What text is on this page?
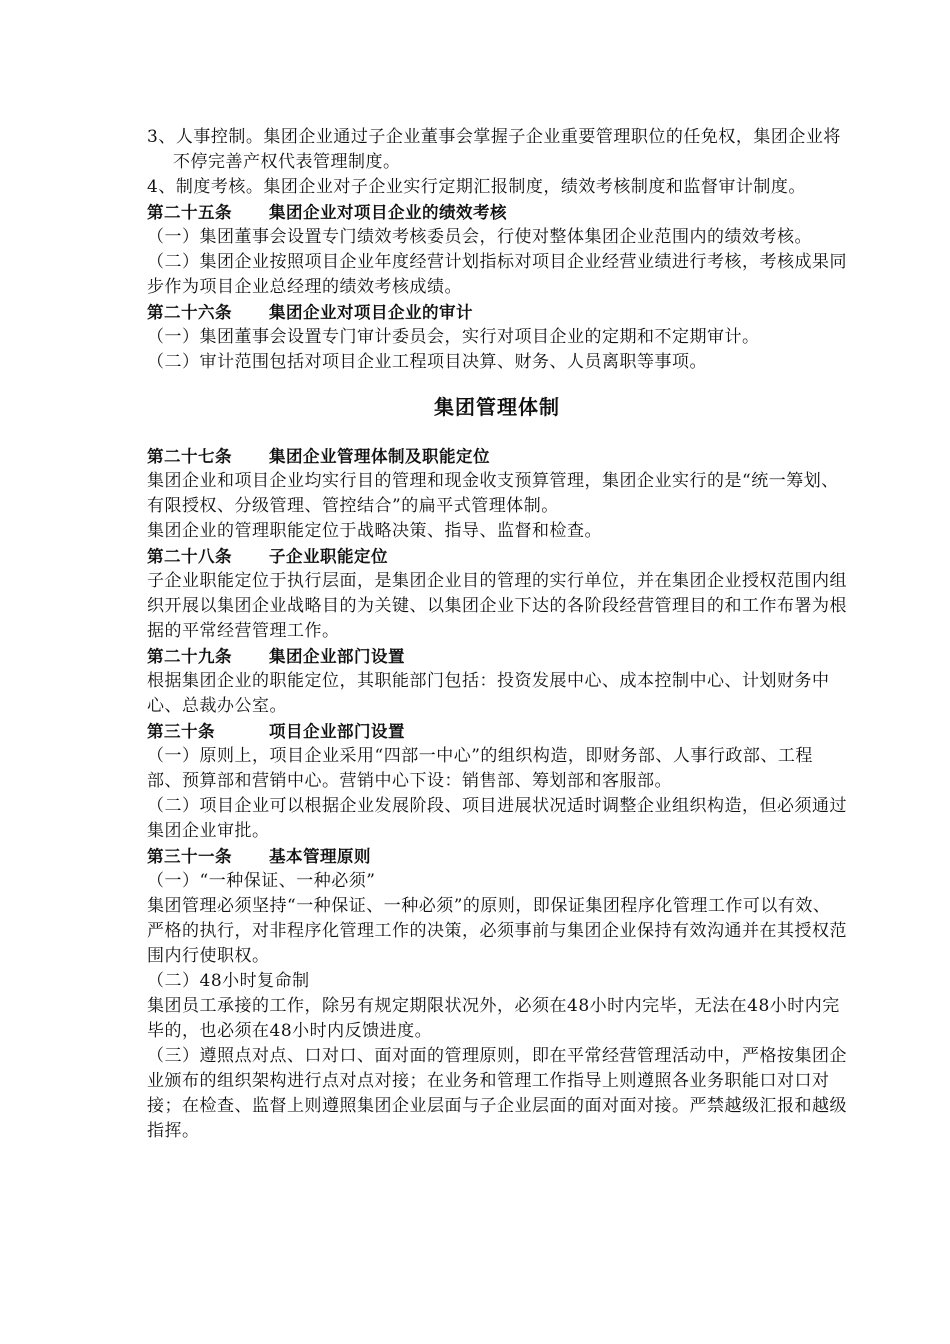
3、人事控制。集团企业通过子企业董事会掌握子企业重要管理职位的任免权，集团企业将不停完善产权代表管理制度。

4、制度考核。集团企业对子企业实行定期汇报制度，绩效考核制度和监督审计制度。

第二十五条 集团企业对项目企业的绩效考核

（一）集团董事会设置专门绩效考核委员会，行使对整体集团企业范围内的绩效考核。

（二）集团企业按照项目企业年度经营计划指标对项目企业经营业绩进行考核，考核成果同步作为项目企业总经理的绩效考核成绩。

第二十六条 集团企业对项目企业的审计

（一）集团董事会设置专门审计委员会，实行对项目企业的定期和不定期审计。

（二）审计范围包括对项目企业工程项目决算、财务、人员离职等事项。

集团管理体制
第二十七条 集团企业管理体制及职能定位

集团企业和项目企业均实行目的管理和现金收支预算管理，集团企业实行的是“统一筹划、有限授权、分级管理、管控结合”的扁平式管理体制。

集团企业的管理职能定位于战略决策、指导、监督和检查。

第二十八条 子企业职能定位

子企业职能定位于执行层面，是集团企业目的管理的实行单位，并在集团企业授权范围内组织开展以集团企业战略目的为关键、以集团企业下达的各阶段经营管理目的和工作布署为根据的平常经营管理工作。

第二十九条 集团企业部门设置

根据集团企业的职能定位，其职能部门包括：投资发展中心、成本控制中心、计划财务中心、总裁办公室。

第三十条	项目企业部门设置

（一）原则上，项目企业采用“四部一中心”的组织构造，即财务部、人事行政部、工程部、预算部和营销中心。营销中心下设：销售部、筹划部和客服部。

（二）项目企业可以根据企业发展阶段、项目进展状况适时调整企业组织构造，但必须通过集团企业审批。

第三十一条 基本管理原则

（一）“一种保证、一种必须”

集团管理必须坚持“一种保证、一种必须”的原则，即保证集团程序化管理工作可以有效、严格的执行，对非程序化管理工作的决策，必须事前与集团企业保持有效沟通并在其授权范围内行使职权。

（二）48小时复命制

集团员工承接的工作，除另有规定期限状况外，必须在48小时内完毕，无法在48小时内完毕的，也必须在48小时内反馈进度。

（三）遵照点对点、口对口、面对面的管理原则，即在平常经营管理活动中，严格按集团企业颁布的组织架构进行点对点对接；在业务和管理工作指导上则遵照各业务职能口对口对接；在检查、监督上则遵照集团企业层面与子企业层面的面对面对接。严禁越级汇报和越级指挥。
